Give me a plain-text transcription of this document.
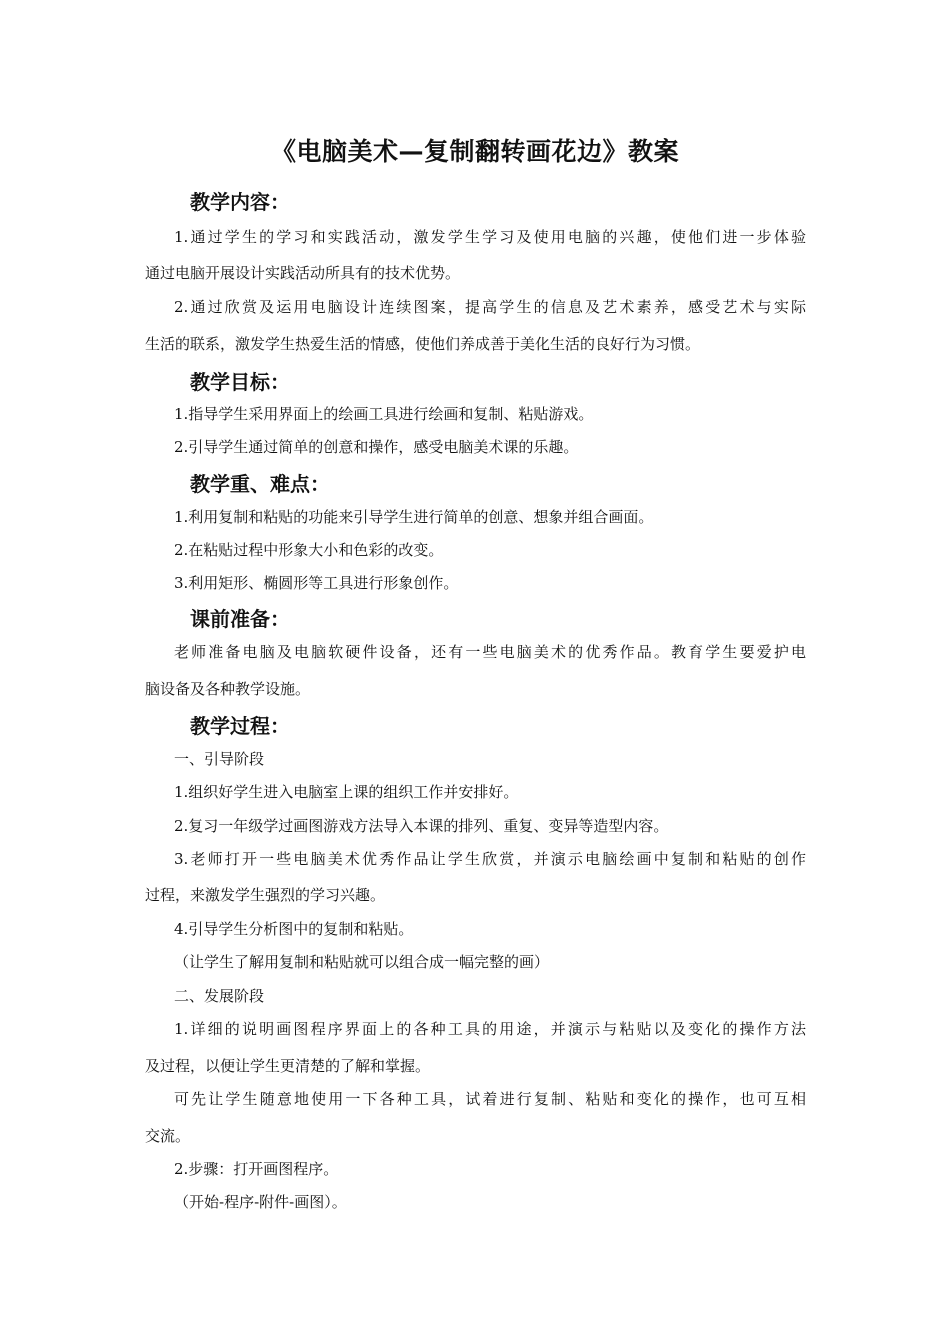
《电脑美术—复制翻转画花边》教案
教学内容：
1.通过学生的学习和实践活动，激发学生学习及使用电脑的兴趣，使他们进一步体验
通过电脑开展设计实践活动所具有的技术优势。
2.通过欣赏及运用电脑设计连续图案，提高学生的信息及艺术素养，感受艺术与实际
生活的联系，激发学生热爱生活的情感，使他们养成善于美化生活的良好行为习惯。
教学目标：
1.指导学生采用界面上的绘画工具进行绘画和复制、粘贴游戏。
2.引导学生通过简单的创意和操作，感受电脑美术课的乐趣。
教学重、难点：
1.利用复制和粘贴的功能来引导学生进行简单的创意、想象并组合画面。
2.在粘贴过程中形象大小和色彩的改变。
3.利用矩形、椭圆形等工具进行形象创作。
课前准备：
老师准备电脑及电脑软硬件设备，还有一些电脑美术的优秀作品。教育学生要爱护电
脑设备及各种教学设施。
教学过程：
一、引导阶段
1.组织好学生进入电脑室上课的组织工作并安排好。
2.复习一年级学过画图游戏方法导入本课的排列、重复、变异等造型内容。
3.老师打开一些电脑美术优秀作品让学生欣赏，并演示电脑绘画中复制和粘贴的创作
过程，来激发学生强烈的学习兴趣。
4.引导学生分析图中的复制和粘贴。
（让学生了解用复制和粘贴就可以组合成一幅完整的画）
二、发展阶段
1.详细的说明画图程序界面上的各种工具的用途，并演示与粘贴以及变化的操作方法
及过程，以便让学生更清楚的了解和掌握。
可先让学生随意地使用一下各种工具，试着进行复制、粘贴和变化的操作，也可互相
交流。
2.步骤：打开画图程序。
（开始-程序-附件-画图）。
